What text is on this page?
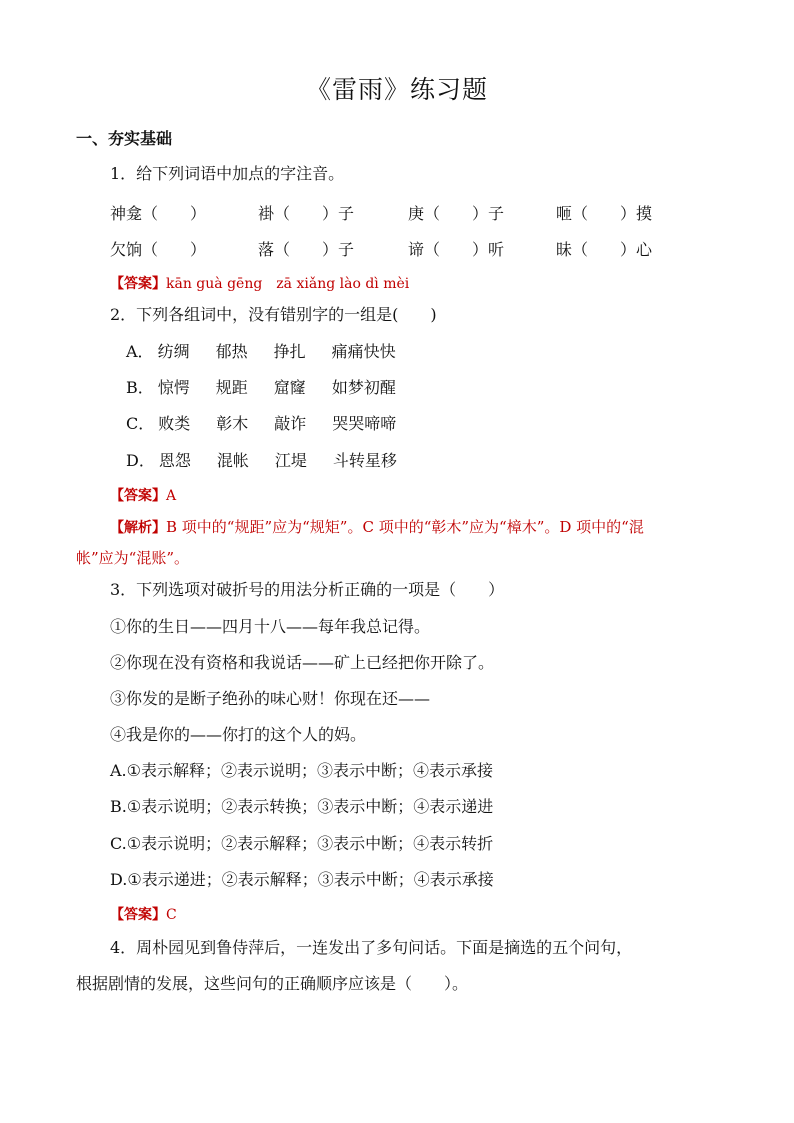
《雷雨》练习题
一、夯实基础
1．给下列词语中加点的字注音。
神龛（　　）	褂（　　）子	庚（　　）子	咂（　　）摸
欠饷（　　）	落（　　）子	谛（　　）听	昧（　　）心
【答案】kān guà gēng　zā xiǎng lào dì mèi
2．下列各组词中，没有错别字的一组是(　　)
A． 纺绸 郁热 挣扎 痛痛快快
B． 惊愕 规距 窟窿 如梦初醒
C． 败类 彰木 敲诈 哭哭啼啼
D． 恩怨 混帐 江堤 斗转星移
【答案】A
【解析】B 项中的“规距”应为“规矩”。C 项中的“彰木”应为“樟木”。D 项中的“混
帐”应为“混账”。
3．下列选项对破折号的用法分析正确的一项是（　　）
①你的生日——四月十八——每年我总记得。
②你现在没有资格和我说话——矿上已经把你开除了。
③你发的是断子绝孙的味心财！你现在还——
④我是你的——你打的这个人的妈。
A.①表示解释；②表示说明；③表示中断；④表示承接
B.①表示说明；②表示转换；③表示中断；④表示递进
C.①表示说明；②表示解释；③表示中断；④表示转折
D.①表示递进；②表示解释；③表示中断；④表示承接
【答案】C
4．周朴园见到鲁侍萍后，一连发出了多句问话。下面是摘选的五个问句，
根据剧情的发展，这些问句的正确顺序应该是（　　）。
